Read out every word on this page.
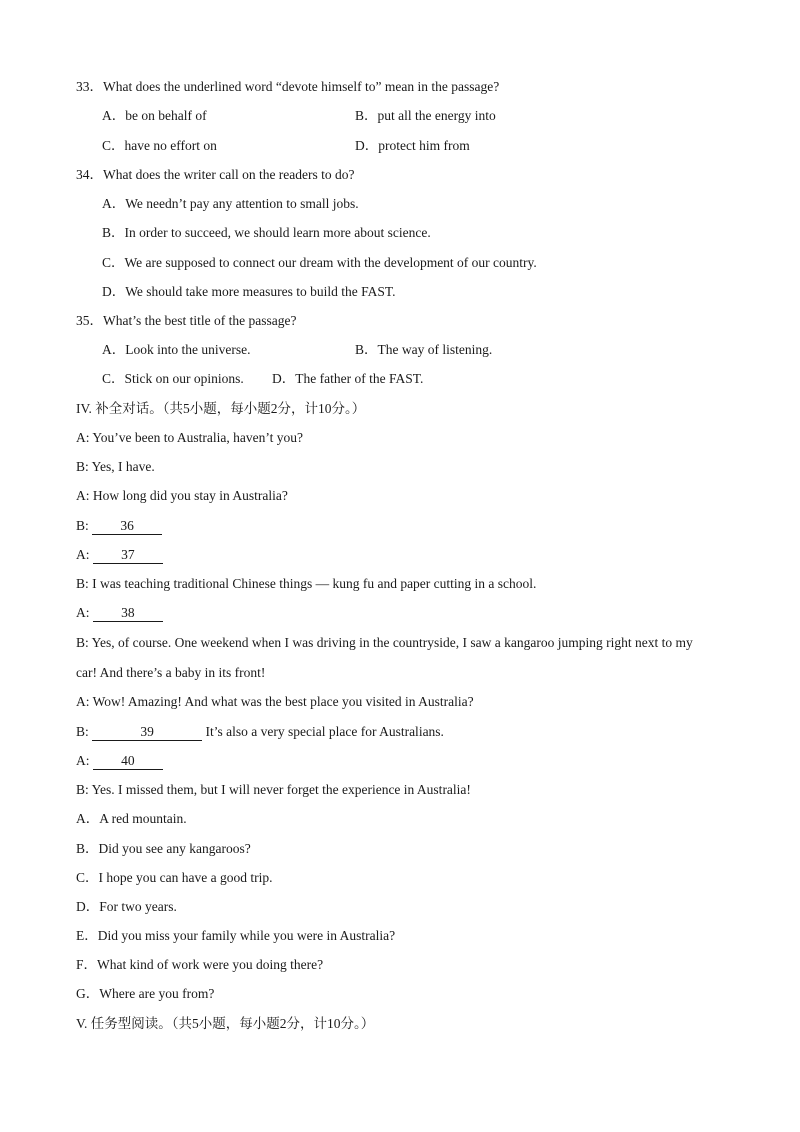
33．What does the underlined word “devote himself to” mean in the passage?
A．be on behalf of	B．put all the energy into
C．have no effort on	D．protect him from
34．What does the writer call on the readers to do?
A．We needn’t pay any attention to small jobs.
B．In order to succeed, we should learn more about science.
C．We are supposed to connect our dream with the development of our country.
D．We should take more measures to build the FAST.
35．What’s the best title of the passage?
A．Look into the universe.	B．The way of listening.
C．Stick on our opinions. D．The father of the FAST.
IV. 补全对话。（共5小题，每小题2分，计10分。）
A: You’ve been to Australia, haven’t you?
B: Yes, I have.
A: How long did you stay in Australia?
B: 36
A: 37
B: I was teaching traditional Chinese things — kung fu and paper cutting in a school.
A: 38
B: Yes, of course. One weekend when I was driving in the countryside, I saw a kangaroo jumping right next to my
car! And there’s a baby in its front!
A: Wow! Amazing! And what was the best place you visited in Australia?
B:	39	It’s also a very special place for Australians.
A: 40
B: Yes. I missed them, but I will never forget the experience in Australia!
A．A red mountain.
B．Did you see any kangaroos?
C．I hope you can have a good trip.
D．For two years.
E．Did you miss your family while you were in Australia?
F．What kind of work were you doing there?
G．Where are you from?
V. 任务型阅读。（共5小题，每小题2分，计10分。）
